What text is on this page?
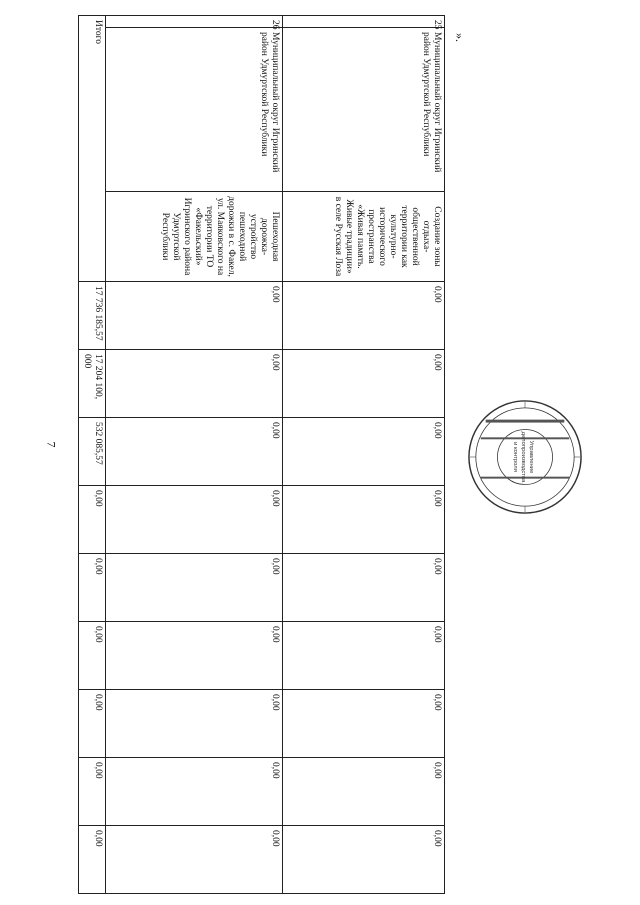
7
».
25	Муниципальный округ Игринский район Удмуртской Республики	Создание зоны отдыха- общественной территории как культурно- исторического пространства «Живая память. Живые традиции» в селе Русская Лоза	0,00	0,00	0,00	0,00	0,00	0,00	0,00	0,00	0,00
26	Муниципальный округ Игринский район Удмуртской Республики	Пешеходная дорожка- устройство пешеходной дорожки в с. Факел, ул. Маяковского на территории ТО «Факельский» Игринского района Удмуртской Республики	0,00	0,00	0,00	0,00	0,00	0,00	0,00	0,00	0,00
Итого			17 736 185,57	17 204 100, 000	532 085,57	0,00	0,00	0,00	0,00	0,00	0,00
Управление
делопроизводства
и контроля
